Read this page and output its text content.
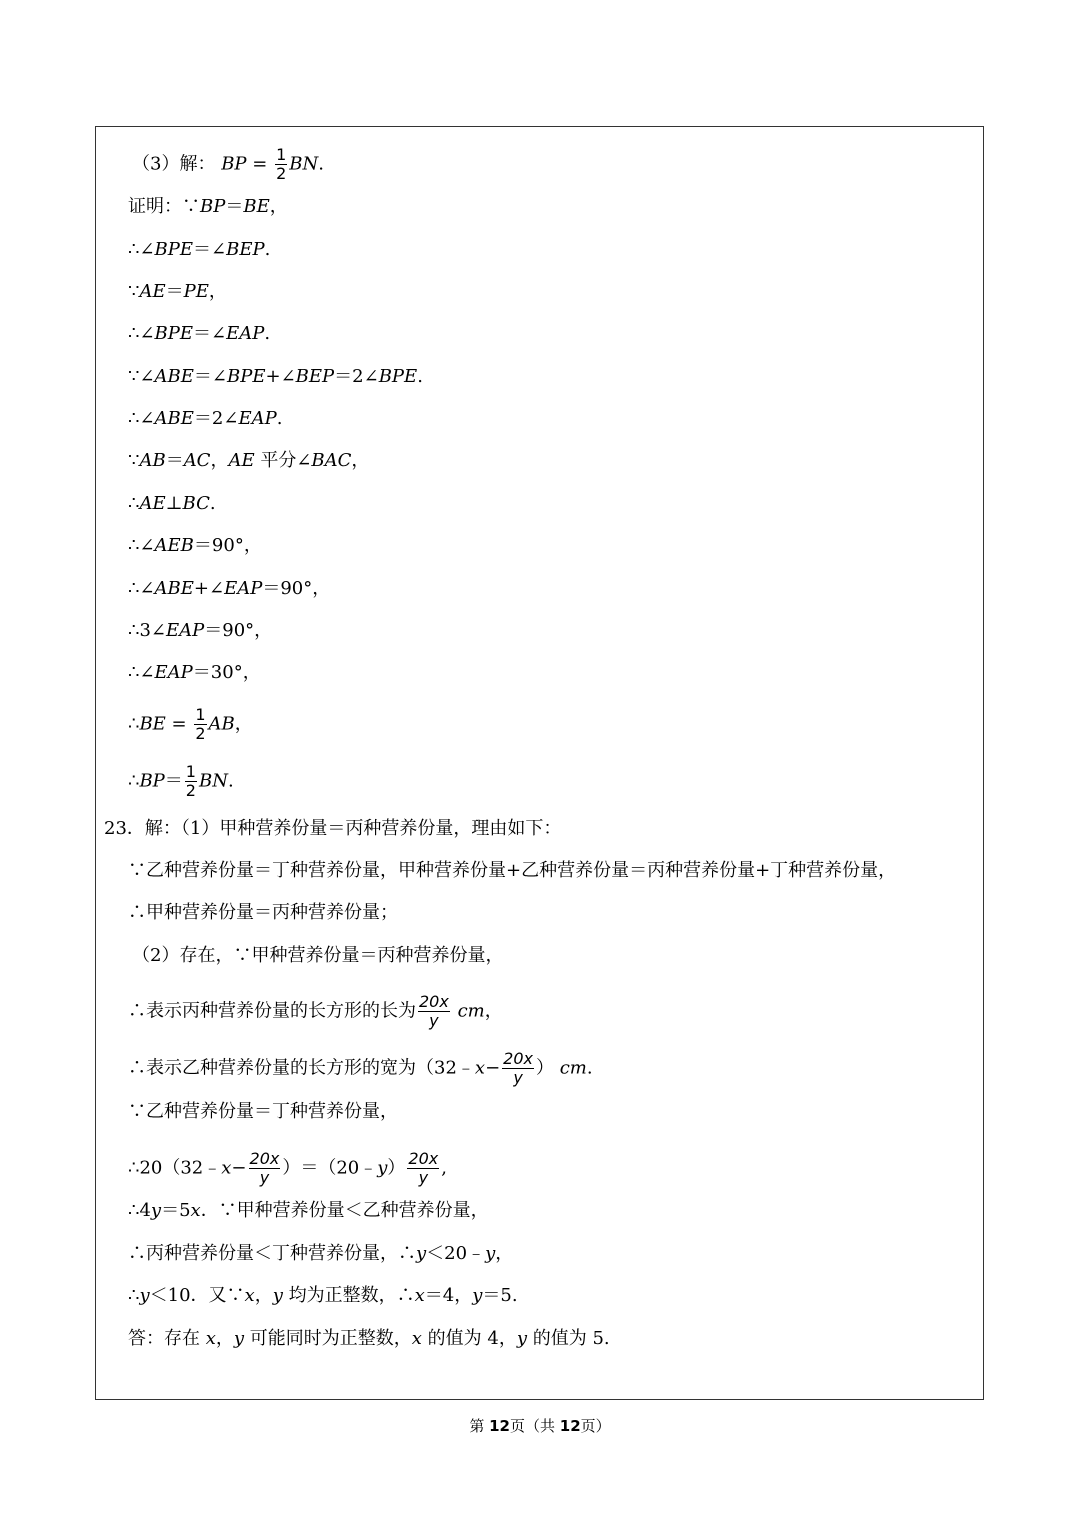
（3）解： BP = $\frac{1}{2}$ BN.
证明：∵BP＝BE，
∴∠BPE＝∠BEP.
∵AE＝PE，
∴∠BPE＝∠EAP.
∵∠ABE＝∠BPE+∠BEP＝2∠BPE.
∴∠ABE＝2∠EAP.
∵AB＝AC，AE 平分∠BAC，
∴AE⊥BC.
∴∠AEB＝90°，
∴∠ABE+∠EAP＝90°，
∴3∠EAP＝90°，
∴∠EAP＝30°，
∴BE = $\frac{1}{2}$ AB，
∴BP＝ $\frac{1}{2}$ BN.
23．解：（1）甲种营养份量＝丙种营养份量，理由如下：
∵乙种营养份量＝丁种营养份量，甲种营养份量+乙种营养份量＝丙种营养份量+丁种营养份量，
∴甲种营养份量＝丙种营养份量；
（2）存在，∵甲种营养份量＝丙种营养份量，
∴表示丙种营养份量的长方形的长为 $\frac{20x}{y}$ cm，
∴表示乙种营养份量的长方形的宽为（32﹣x− $\frac{20x}{y}$ ） cm.
∵乙种营养份量＝丁种营养份量，
∴20（32﹣x− $\frac{20x}{y}$ ）＝（20﹣y） $\frac{20x}{y}$ ,
∴4y＝5x．∵甲种营养份量＜乙种营养份量，
∴丙种营养份量＜丁种营养份量，∴y＜20﹣y，
∴y＜10．又∵x，y 均为正整数，∴x＝4，y＝5.
答：存在 x，y 可能同时为正整数，x 的值为 4，y 的值为 5.
第 12页（共 12页）
